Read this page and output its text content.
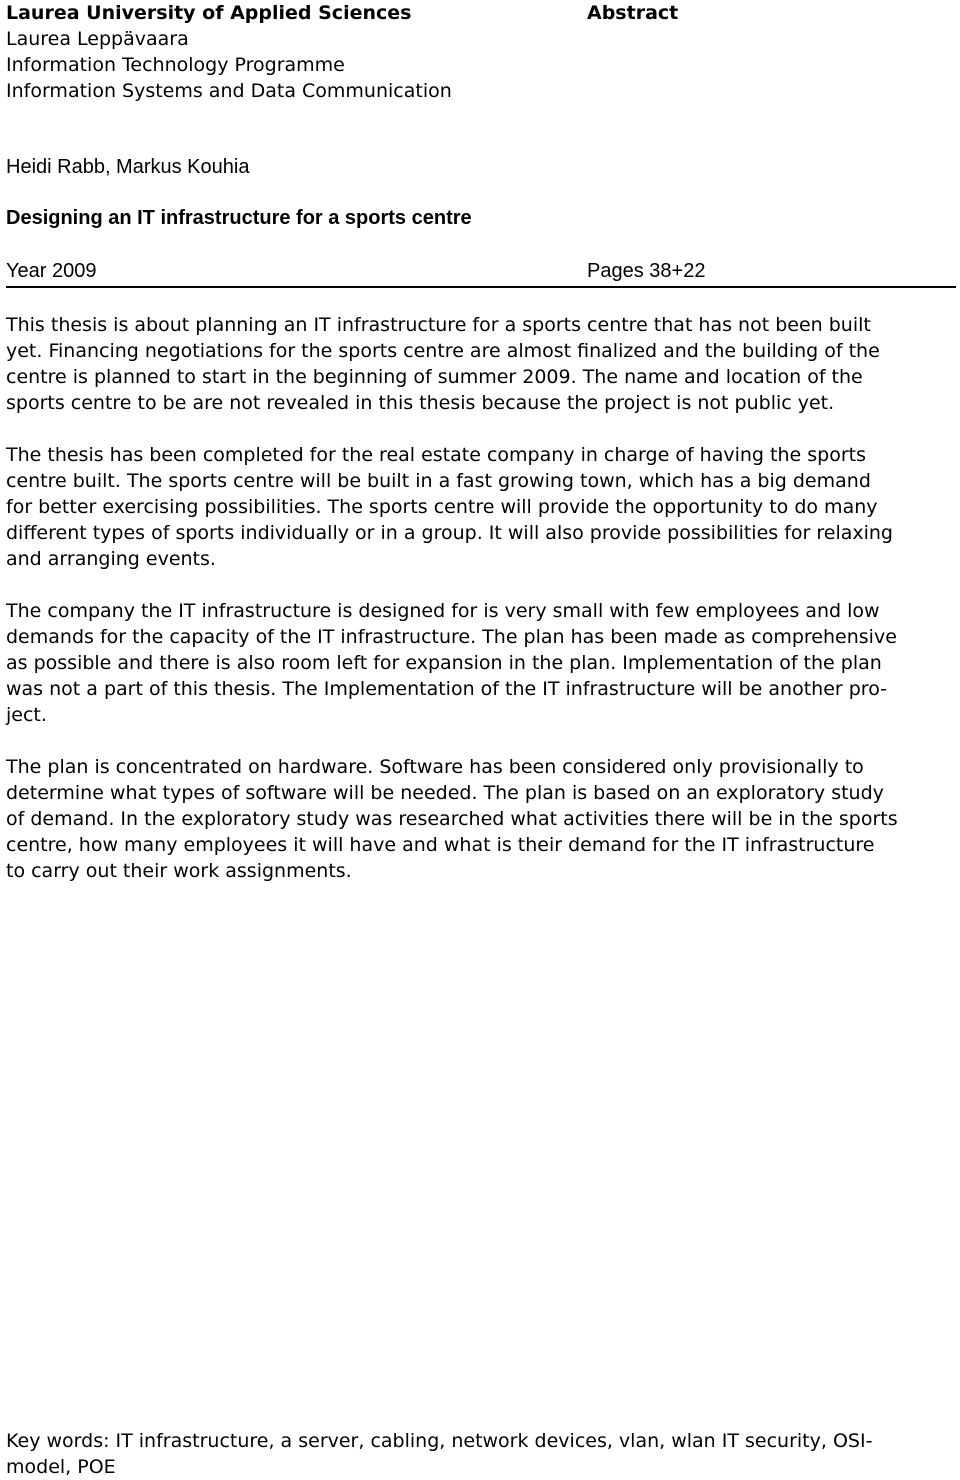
Laurea University of Applied Sciences
Laurea Leppävaara
Information Technology Programme
Information Systems and Data Communication
Abstract
Heidi Rabb, Markus Kouhia
Designing an IT infrastructure for a sports centre
Year 2009	Pages 38+22

This thesis is about planning an IT infrastructure for a sports centre that has not been built
yet. Financing negotiations for the sports centre are almost finalized and the building of the
centre is planned to start in the beginning of summer 2009. The name and location of the
sports centre to be are not revealed in this thesis because the project is not public yet.

The thesis has been completed for the real estate company in charge of having the sports
centre built. The sports centre will be built in a fast growing town, which has a big demand
for better exercising possibilities. The sports centre will provide the opportunity to do many
different types of sports individually or in a group. It will also provide possibilities for relaxing
and arranging events.

The company the IT infrastructure is designed for is very small with few employees and low
demands for the capacity of the IT infrastructure. The plan has been made as comprehensive
as possible and there is also room left for expansion in the plan. Implementation of the plan
was not a part of this thesis. The Implementation of the IT infrastructure will be another pro-
ject.

The plan is concentrated on hardware. Software has been considered only provisionally to
determine what types of software will be needed. The plan is based on an exploratory study
of demand. In the exploratory study was researched what activities there will be in the sports
centre, how many employees it will have and what is their demand for the IT infrastructure
to carry out their work assignments.

Key words: IT infrastructure, a server, cabling, network devices, vlan, wlan IT security, OSI-
model, POE
